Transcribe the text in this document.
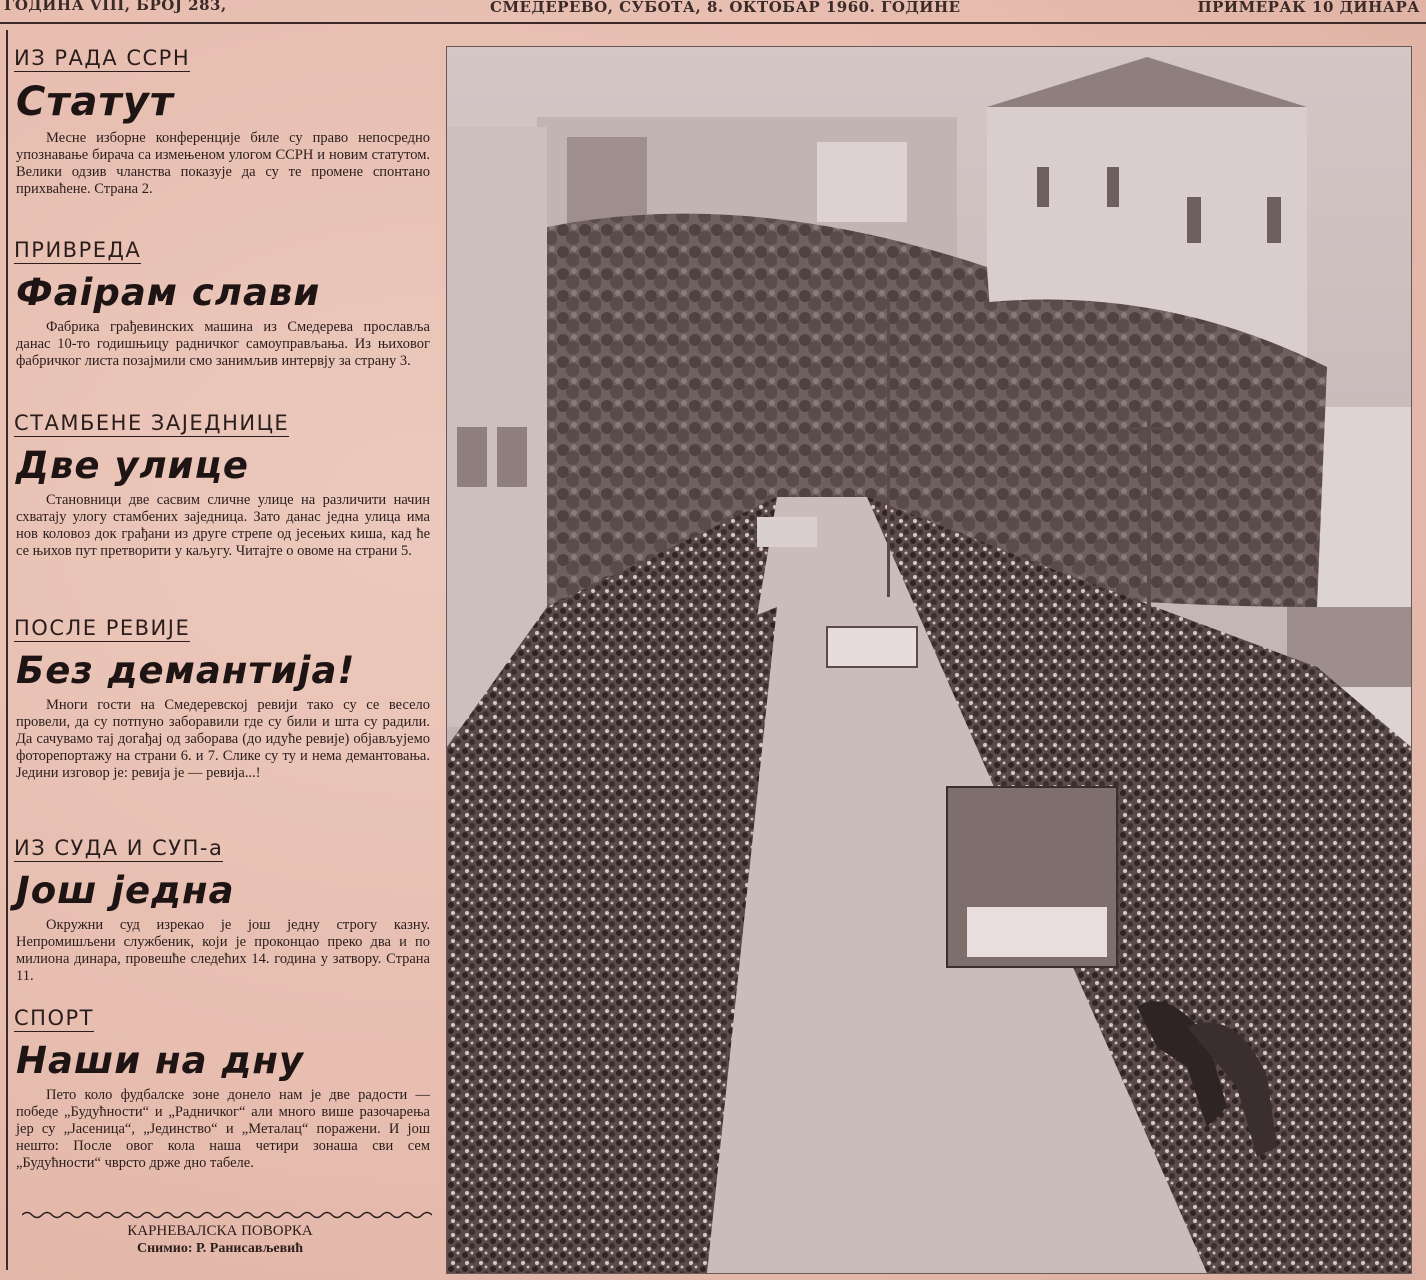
ГОДИНА VIII, БРОЈ 283,	СМЕДЕРЕВО, СУБОТА, 8. ОКТОБАР 1960. ГОДИНЕ	ПРИМЕРАК 10 ДИНАРА
ИЗ РАДА ССРН
Статут

Месне изборне конференције биле су право непосредно упознавање бирача са измењеном улогом ССРН и новим статутом. Велики одзив чланства показује да су те промене спонтано прихваћене. Страна 2.

ПРИВРЕДА
Фаірам слави

Фабрика грађевинских машина из Смедерева прослављa данас 10-то годишњицу радничког самоуправљања. Из њиховог фабричког листа позајмили смо занимљив интервју за страну 3.

СТАМБЕНЕ ЗАЈЕДНИЦЕ
Две улице

Становници две сасвим сличне улице на различити начин схватају улогу стамбених заједница. Зато данас једна улица има нов коловоз док грађани из друге стрепе од јесењих киша, кад ће се њихов пут претворити у каљугу. Читајте о овоме на страни 5.

ПОСЛЕ РЕВИЈЕ
Без демантија!

Многи гости на Смедеревској ревији тако су се весело провели, да су потпуно заборавили где су били и шта су радили. Да сачувамо тај догађај од заборава (до идуће ревије) објављујемо фоторепортажу на страни 6. и 7. Слике су ту и нема демантовања. Једини изговор је: ревија је — ревија...!

ИЗ СУДА И СУП-а
Још једна

Окружни суд изрекао је још једну строгу казну. Непромишљени службеник, који је проконцао преко два и по милиона динара, провешће следећих 14. година у затвору. Страна 11.

СПОРТ
Наши на дну

Пето коло фудбалске зоне донело нам је две радости — победе „Будућности“ и „Радничког“ али много више разочарења јер су „Јасеница“, „Јединство“ и „Металац“ поражени. И још нешто: После овог кола наша четири зонаша сви сем „Будућности“ чврсто држе дно табеле.

КАРНЕВАЛСКА ПОВОРКА
Снимио: Р. Ранисављевић
